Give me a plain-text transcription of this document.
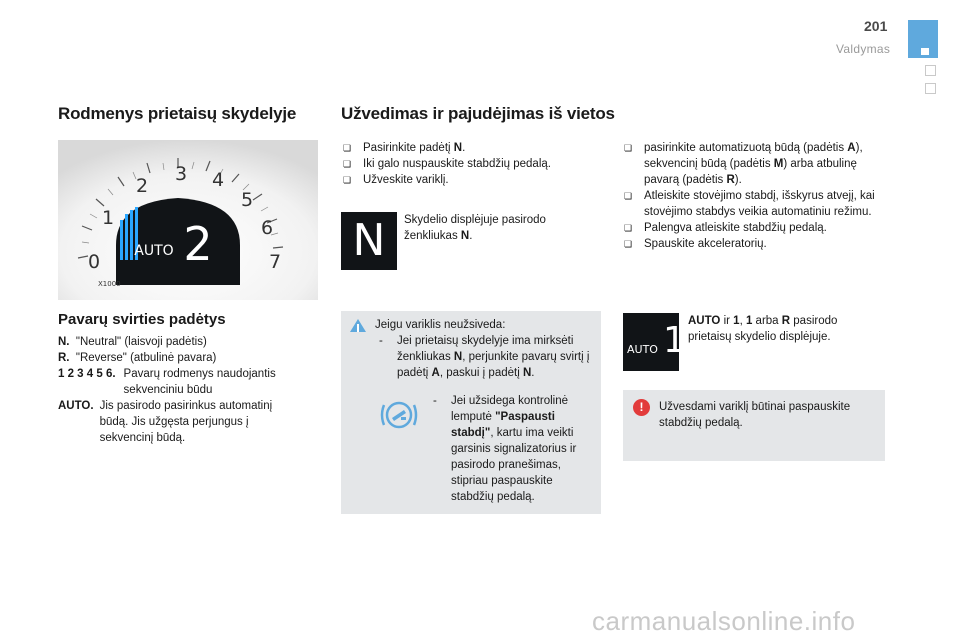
201
Valdymas
Rodmenys prietaisų skydelyje
0
1
2
3 4
5
6
7
AUTO 2
X1000
Pavarų svirties padėtys
N. "Neutral" (laisvoji padėtis)
R. "Reverse" (atbulinė pavara)
1 2 3 4 5 6. Pavarų rodmenys naudojantis sekvenciniu būdu
AUTO. Jis pasirodo pasirinkus automatinį būdą. Jis užgęsta perjungus į sekvencinį būdą.
Užvedimas ir pajudėjimas iš vietos
❏ Pasirinkite padėtį N.
❏ Iki galo nuspauskite stabdžių pedalą.
❏ Užveskite variklį.
N	Skydelio displėjuje pasirodo ženkliukas N.
Jeigu variklis neužsiveda:
- Jei prietaisų skydelyje ima mirksėti ženkliukas N, perjunkite pavarų svirtį į padėtį A, paskui į padėtį N.
- Jei užsidega kontrolinė lemputė "Paspausti stabdį", kartu ima veikti garsinis signalizatorius ir pasirodo pranešimas, stipriau paspauskite stabdžių pedalą.
❏ pasirinkite automatizuotą būdą (padėtis A), sekvencinį būdą (padėtis M) arba atbulinę pavarą (padėtis R).
❏ Atleiskite stovėjimo stabdį, išskyrus atvejį, kai stovėjimo stabdys veikia automatiniu režimu.
❏ Palengva atleiskite stabdžių pedalą.
❏ Spauskite akceleratorių.
AUTO 1 AUTO ir 1, 1 arba R pasirodo prietaisų skydelio displėjuje.
!	Užvesdami variklį būtinai paspauskite stabdžių pedalą.
carmanualsonline.info
